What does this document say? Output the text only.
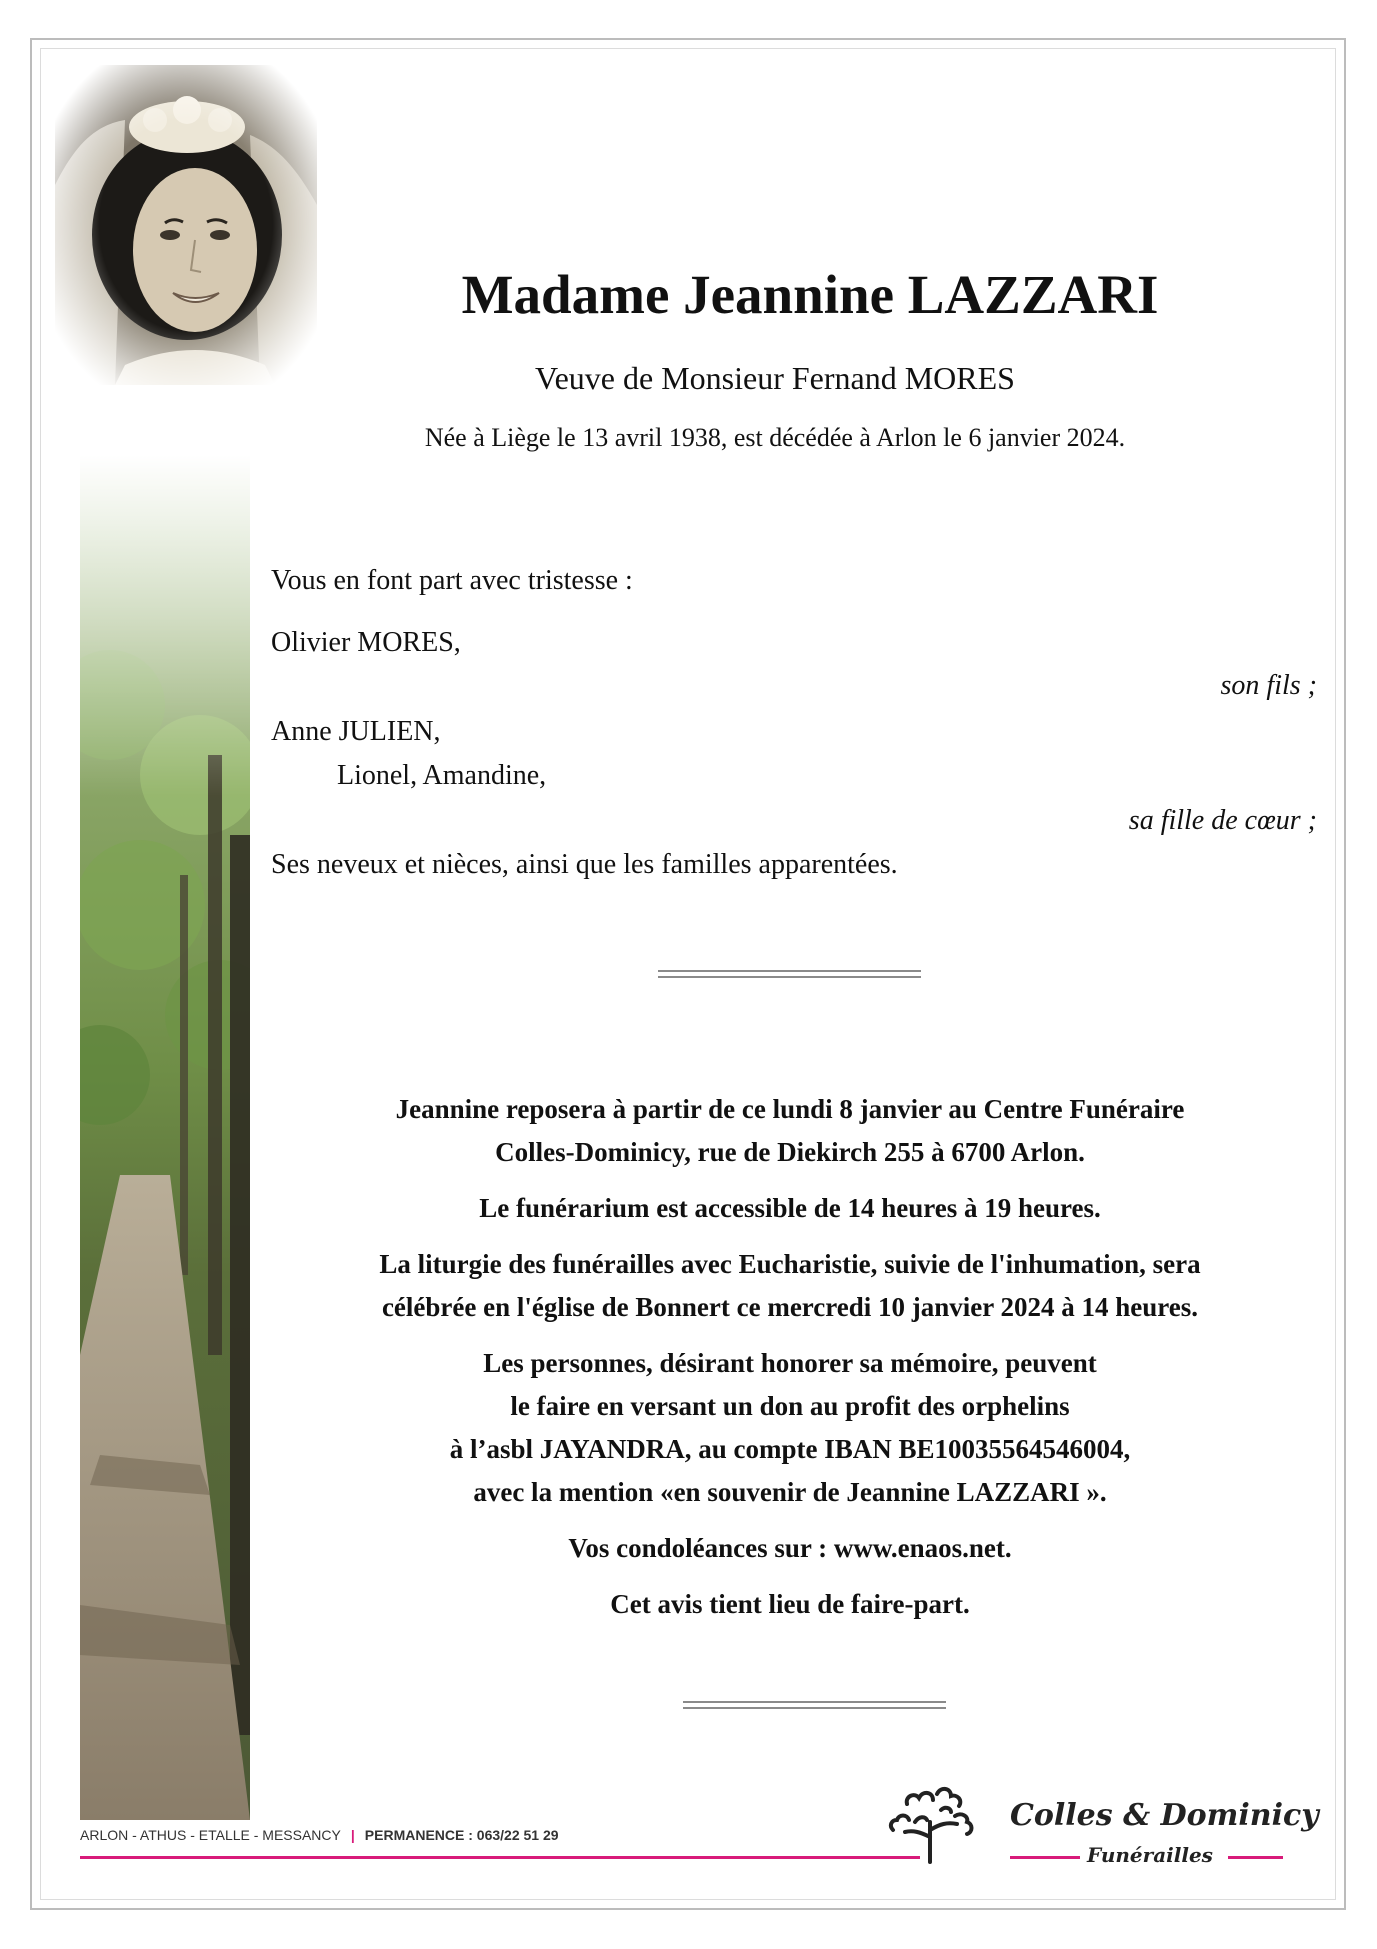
Madame Jeannine LAZZARI
Veuve de Monsieur Fernand MORES
Née à Liège le 13 avril 1938, est décédée à Arlon le 6 janvier 2024.
Vous en font part avec tristesse :
Olivier MORES,
son fils ;
Anne JULIEN,
Lionel, Amandine,
sa fille de cœur ;
Ses neveux et nièces, ainsi que les familles apparentées.

Jeannine reposera à partir de ce lundi 8 janvier au Centre Funéraire
Colles-Dominicy, rue de Diekirch 255 à 6700 Arlon.

Le funérarium est accessible de 14 heures à 19 heures.

La liturgie des funérailles avec Eucharistie, suivie de l'inhumation, sera
célébrée en l'église de Bonnert ce mercredi 10 janvier 2024 à 14 heures.

Les personnes, désirant honorer sa mémoire, peuvent
le faire en versant un don au profit des orphelins
à l’asbl JAYANDRA, au compte IBAN BE10035564546004,
avec la mention «en souvenir de Jeannine LAZZARI ».

Vos condoléances sur : www.enaos.net.

Cet avis tient lieu de faire-part.

ARLON - ATHUS - ETALLE - MESSANCY | PERMANENCE : 063/22 51 29
Colles & Dominicy
Funérailles
